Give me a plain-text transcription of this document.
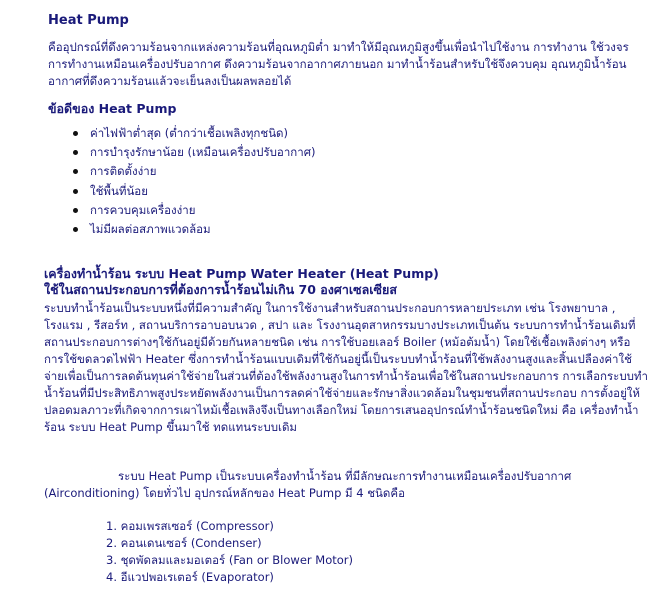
Heat Pump
คืออุปกรณ์ที่ดึงความร้อนจากแหล่งความร้อนที่อุณหภูมิต่ำ มาทำให้มีอุณหภูมิสูงขึ้นเพื่อนำไปใช้งาน การทำงาน ใช้วงจรการทำงานเหมือนเครื่องปรับอากาศ ดึงความร้อนจากอากาศภายนอก มาทำน้ำร้อนสำหรับใช้จึงควบคุม อุณหภูมิน้ำร้อน อากาศที่ดึงความร้อนแล้วจะเย็นลงเป็นผลพลอยได้
ข้อดีของ Heat Pump
ค่าไฟฟ้าต่ำสุด (ต่ำกว่าเชื้อเพลิงทุกชนิด)
การบำรุงรักษาน้อย (เหมือนเครื่องปรับอากาศ)
การติดตั้งง่าย
ใช้พื้นที่น้อย
การควบคุมเครื่องง่าย
ไม่มีผลต่อสภาพแวดล้อม
เครื่องทำน้ำร้อน ระบบ Heat Pump Water Heater (Heat Pump)
ใช้ในสถานประกอบการที่ต้องการน้ำร้อนไม่เกิน 70 องศาเซลเซียส
ระบบทำน้ำร้อนเป็นระบบหนึ่งที่มีความสำคัญ ในการใช้งานสำหรับสถานประกอบการหลายประเภท เช่น โรงพยาบาล , โรงแรม , รีสอร์ท , สถานบริการอาบอบนวด , สปา และ โรงงานอุตสาหกรรมบางประเภทเป็นต้น ระบบการทำน้ำร้อนเดิมที่สถานประกอบการต่างๆใช้กันอยู่มีด้วยกันหลายชนิด เช่น การใช้บอยเลอร์ Boiler (หม้อต้มน้ำ) โดยใช้เชื้อเพลิงต่างๆ หรือการใช้ขดลวดไฟฟ้า Heater ซึ่งการทำน้ำร้อนแบบเดิมที่ใช้กันอยู่นี้เป็นระบบทำน้ำร้อนที่ใช้พลังงานสูงและสิ้นเปลืองค่าใช้จ่ายเพื่อเป็นการลดต้นทุนค่าใช้จ่ายในส่วนที่ต้องใช้พลังงานสูงในการทำน้ำร้อนเพื่อใช้ในสถานประกอบการ การเลือกระบบทำน้ำร้อนที่มีประสิทธิภาพสูงประหยัดพลังงานเป็นการลดค่าใช้จ่ายและรักษาสิ่งแวดล้อมในชุมชนที่สถานประกอบ การตั้งอยู่ให้ปลอดมลภาวะที่เกิดจากการเผาไหม้เชื้อเพลิงจึงเป็นทางเลือกใหม่ โดยการเสนออุปกรณ์ทำน้ำร้อนชนิดใหม่ คือ เครื่องทำน้ำร้อน ระบบ Heat Pump ขึ้นมาใช้ ทดแทนระบบเดิม
ระบบ Heat Pump เป็นระบบเครื่องทำน้ำร้อน ที่มีลักษณะการทำงานเหมือนเครื่องปรับอากาศ (Airconditioning) โดยทั่วไป อุปกรณ์หลักของ Heat Pump มี 4 ชนิดคือ
1. คอมเพรสเซอร์ (Compressor)
2. คอนเดนเซอร์ (Condenser)
3. ชุดพัดลมและมอเตอร์ (Fan or Blower Motor)
4. อีแวปพอเรเตอร์ (Evaporator)
